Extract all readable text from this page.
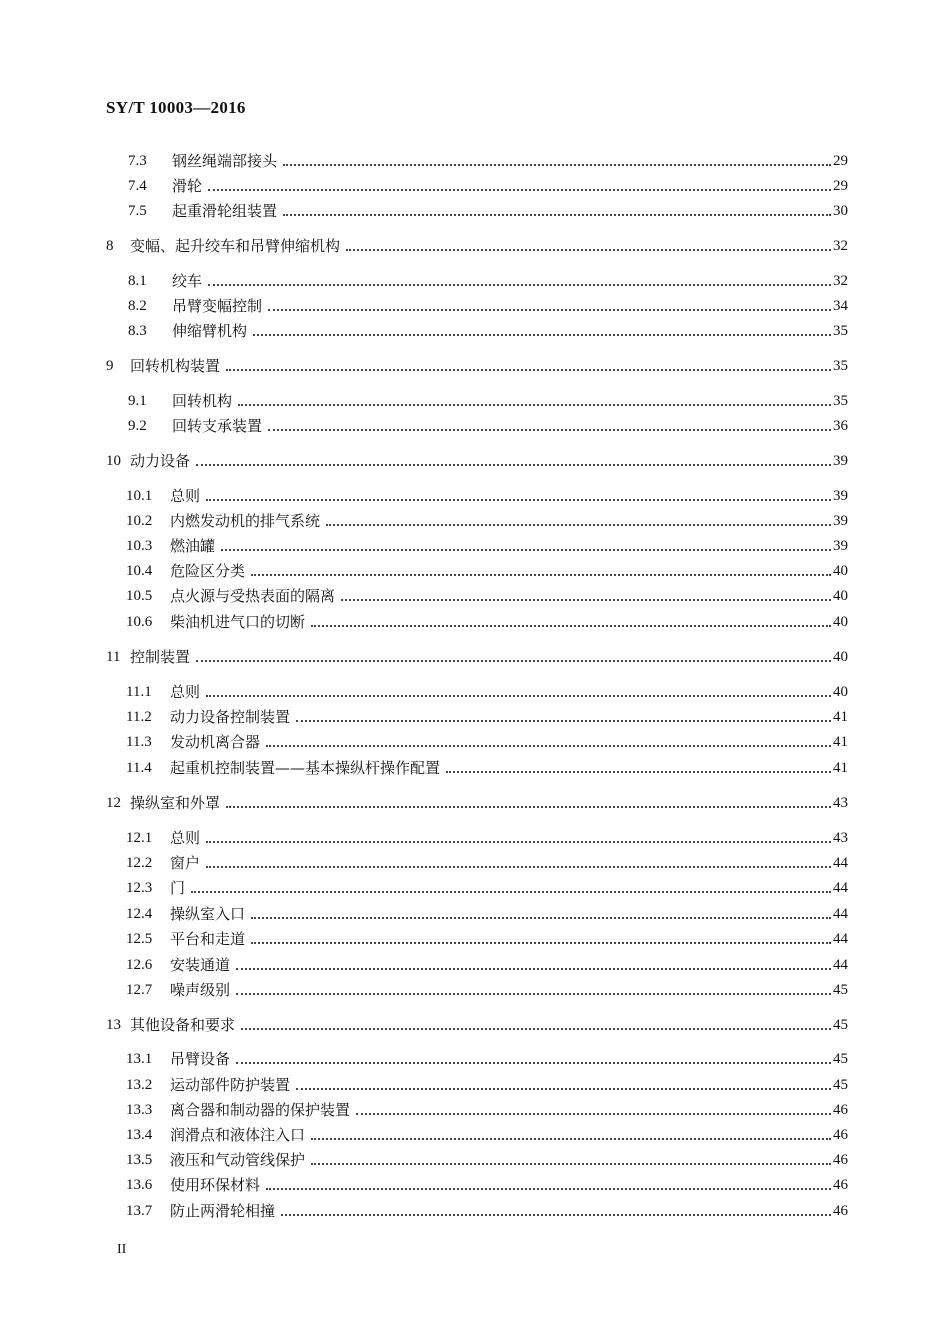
SY/T 10003—2016
7.3	钢丝绳端部接头	29
7.4	滑轮	29
7.5	起重滑轮组装置	30
8	变幅、起升绞车和吊臂伸缩机构	32
8.1	绞车	32
8.2	吊臂变幅控制	34
8.3	伸缩臂机构	35
9	回转机构装置	35
9.1	回转机构	35
9.2	回转支承装置	36
10 动力设备	39
10.1	总则	39
10.2	内燃发动机的排气系统	39
10.3	燃油罐	39
10.4	危险区分类	40
10.5	点火源与受热表面的隔离	40
10.6	柴油机进气口的切断	40
11 控制装置	40
11.1	总则	40
11.2	动力设备控制装置	41
11.3	发动机离合器	41
11.4	起重机控制装置——基本操纵杆操作配置	41
12 操纵室和外罩	43
12.1	总则	43
12.2	窗户	44
12.3	门	44
12.4	操纵室入口	44
12.5	平台和走道	44
12.6	安装通道	44
12.7	噪声级别	45
13 其他设备和要求	45
13.1	吊臂设备	45
13.2	运动部件防护装置	45
13.3	离合器和制动器的保护装置	46
13.4	润滑点和液体注入口	46
13.5	液压和气动管线保护	46
13.6	使用环保材料	46
13.7	防止两滑轮相撞	46
II
